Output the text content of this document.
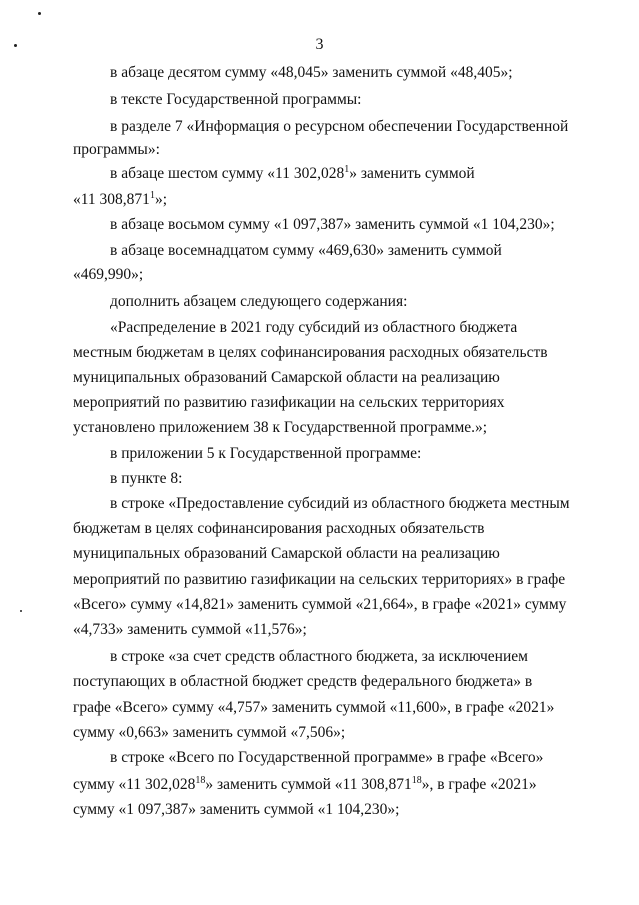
3
в абзаце десятом сумму «48,045» заменить суммой «48,405»;
в тексте Государственной программы:
в разделе 7 «Информация о ресурсном обеспечении Государственной
программы»:
в абзаце шестом сумму «11 302,028$^1$» заменить суммой
«11 308,871$^1$»;
в абзаце восьмом сумму «1 097,387» заменить суммой «1 104,230»;
в абзаце восемнадцатом сумму «469,630» заменить суммой
«469,990»;
дополнить абзацем следующего содержания:
«Распределение в 2021 году субсидий из областного бюджета
местным бюджетам в целях софинансирования расходных обязательств
муниципальных образований Самарской области на реализацию
мероприятий по развитию газификации на сельских территориях
установлено приложением 38 к Государственной программе.»;
в приложении 5 к Государственной программе:
в пункте 8:
в строке «Предоставление субсидий из областного бюджета местным
бюджетам в целях софинансирования расходных обязательств
муниципальных образований Самарской области на реализацию
мероприятий по развитию газификации на сельских территориях» в графе
«Всего» сумму «14,821» заменить суммой «21,664», в графе «2021» сумму
«4,733» заменить суммой «11,576»;
в строке «за счет средств областного бюджета, за исключением
поступающих в областной бюджет средств федерального бюджета» в
графе «Всего» сумму «4,757» заменить суммой «11,600», в графе «2021»
сумму «0,663» заменить суммой «7,506»;
в строке «Всего по Государственной программе» в графе «Всего»
сумму «11 302,028$^{18}$» заменить суммой «11 308,871$^{18}$», в графе «2021»
сумму «1 097,387» заменить суммой «1 104,230»;
